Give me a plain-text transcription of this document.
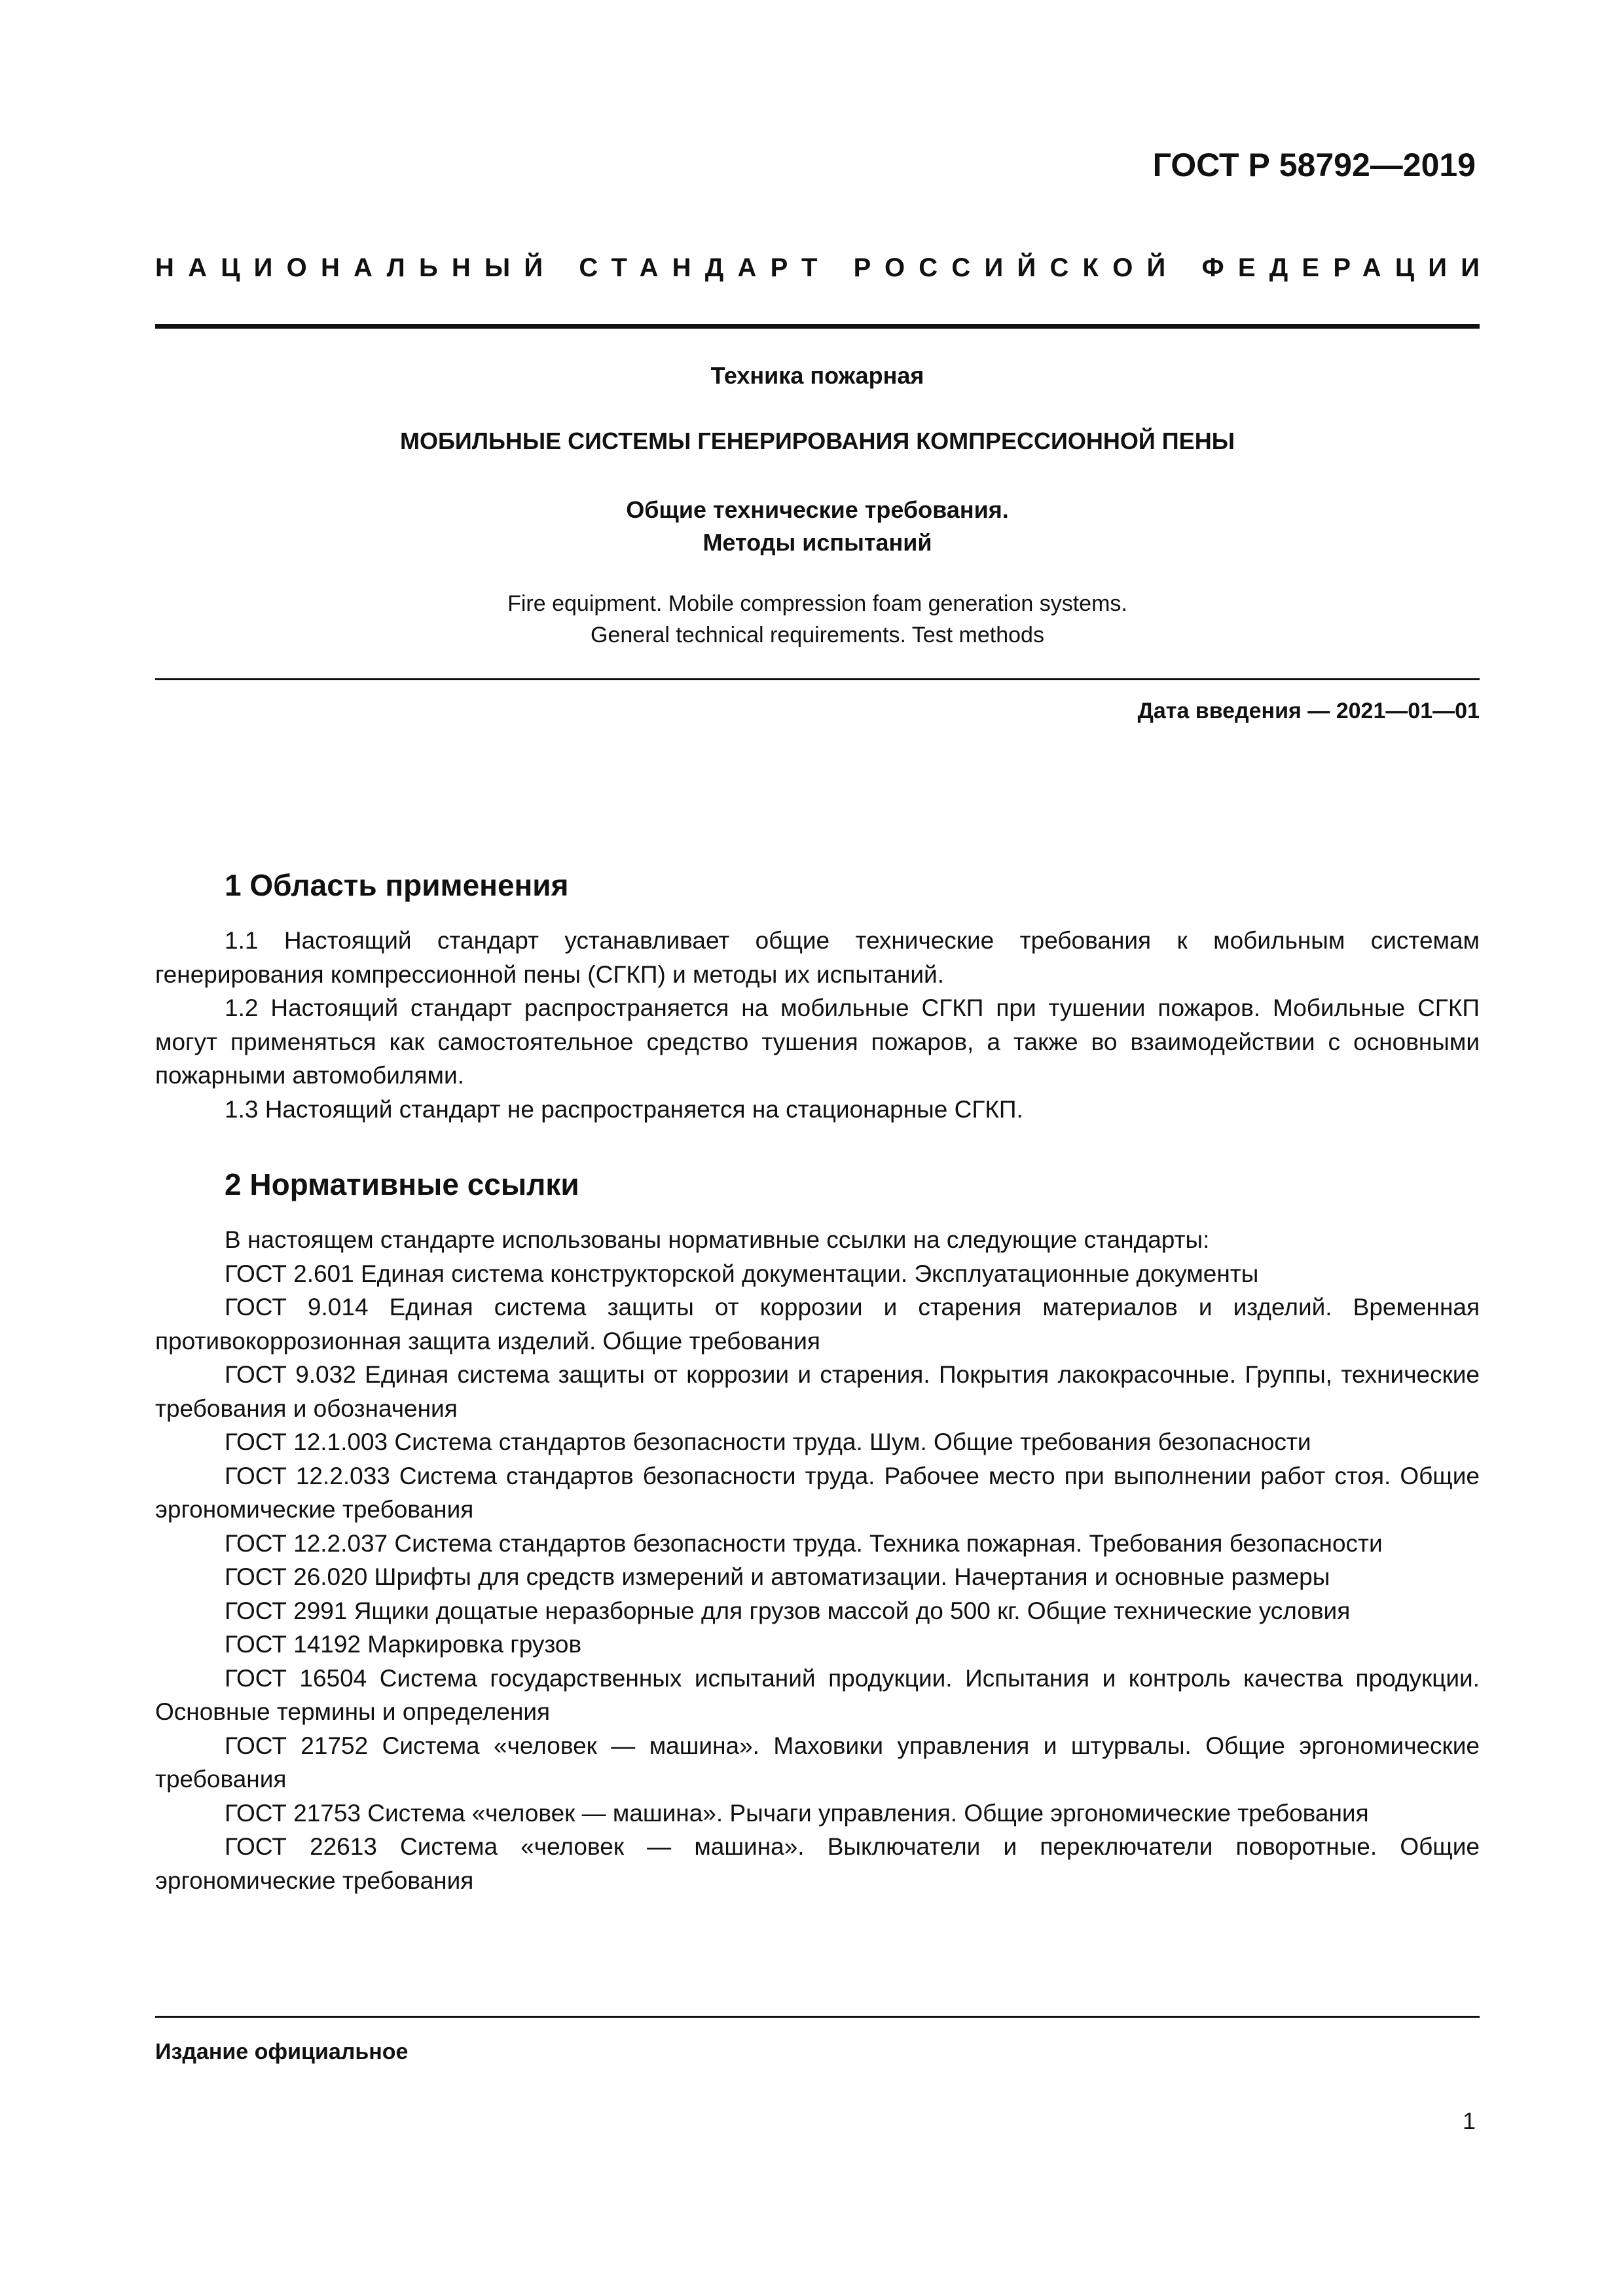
ГОСТ Р 58792—2019
НАЦИОНАЛЬНЫЙ СТАНДАРТ РОССИЙСКОЙ ФЕДЕРАЦИИ
Техника пожарная
МОБИЛЬНЫЕ СИСТЕМЫ ГЕНЕРИРОВАНИЯ КОМПРЕССИОННОЙ ПЕНЫ
Общие технические требования.
Методы испытаний
Fire equipment. Mobile compression foam generation systems.
General technical requirements. Test methods
Дата введения — 2021—01—01
1 Область применения

1.1 Настоящий стандарт устанавливает общие технические требования к мобильным системам генерирования компрессионной пены (СГКП) и методы их испытаний.

1.2 Настоящий стандарт распространяется на мобильные СГКП при тушении пожаров. Мобильные СГКП могут применяться как самостоятельное средство тушения пожаров, а также во взаимодействии с основными пожарными автомобилями.

1.3 Настоящий стандарт не распространяется на стационарные СГКП.

2 Нормативные ссылки

В настоящем стандарте использованы нормативные ссылки на следующие стандарты:

ГОСТ 2.601 Единая система конструкторской документации. Эксплуатационные документы

ГОСТ 9.014 Единая система защиты от коррозии и старения материалов и изделий. Временная противокоррозионная защита изделий. Общие требования

ГОСТ 9.032 Единая система защиты от коррозии и старения. Покрытия лакокрасочные. Группы, технические требования и обозначения

ГОСТ 12.1.003 Система стандартов безопасности труда. Шум. Общие требования безопасности

ГОСТ 12.2.033 Система стандартов безопасности труда. Рабочее место при выполнении работ стоя. Общие эргономические требования

ГОСТ 12.2.037 Система стандартов безопасности труда. Техника пожарная. Требования безопасности

ГОСТ 26.020 Шрифты для средств измерений и автоматизации. Начертания и основные размеры

ГОСТ 2991 Ящики дощатые неразборные для грузов массой до 500 кг. Общие технические условия

ГОСТ 14192 Маркировка грузов

ГОСТ 16504 Система государственных испытаний продукции. Испытания и контроль качества продукции. Основные термины и определения

ГОСТ 21752 Система «человек — машина». Маховики управления и штурвалы. Общие эргономические требования

ГОСТ 21753 Система «человек — машина». Рычаги управления. Общие эргономические требования

ГОСТ 22613 Система «человек — машина». Выключатели и переключатели поворотные. Общие эргономические требования

Издание официальное
1
